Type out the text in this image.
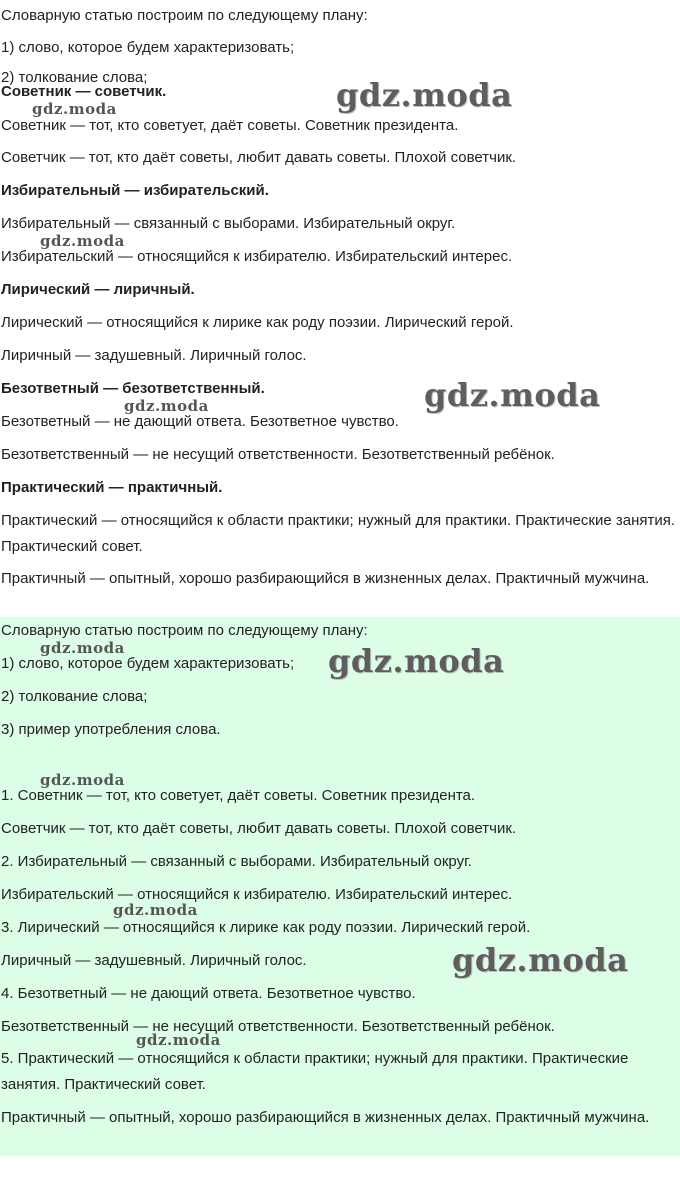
Словарную статью построим по следующему плану:
1) слово, которое будем характеризовать;
2) толкование слова;
Советник — советчик.
Советник — тот, кто советует, даёт советы. Советник президента.
Советчик — тот, кто даёт советы, любит давать советы. Плохой советчик.
Избирательный — избирательский.
Избирательный — связанный с выборами. Избирательный округ.
Избирательский — относящийся к избирателю. Избирательский интерес.
Лирический — лиричный.
Лирический — относящийся к лирике как роду поэзии. Лирический герой.
Лиричный — задушевный. Лиричный голос.
Безответный — безответственный.
Безответный — не дающий ответа. Безответное чувство.
Безответственный — не несущий ответственности. Безответственный ребёнок.
Практический — практичный.
Практический — относящийся к области практики; нужный для практики. Практические занятия. Практический совет.
Практичный — опытный, хорошо разбирающийся в жизненных делах. Практичный мужчина.
Словарную статью построим по следующему плану:
1) слово, которое будем характеризовать;
2) толкование слова;
3) пример употребления слова.
1. Советник — тот, кто советует, даёт советы. Советник президента.
Советчик — тот, кто даёт советы, любит давать советы. Плохой советчик.
2. Избирательный — связанный с выборами. Избирательный округ.
Избирательский — относящийся к избирателю. Избирательский интерес.
3. Лирический — относящийся к лирике как роду поэзии. Лирический герой.
Лиричный — задушевный. Лиричный голос.
4. Безответный — не дающий ответа. Безответное чувство.
Безответственный — не несущий ответственности. Безответственный ребёнок.
5. Практический — относящийся к области практики; нужный для практики. Практические занятия. Практический совет.
Практичный — опытный, хорошо разбирающийся в жизненных делах. Практичный мужчина.
gdz.moda
gdz.moda
gdz.moda
gdz.moda
gdz.moda
gdz.moda	gdz.moda
gdz.moda
gdz.moda
gdz.moda
gdz.moda
